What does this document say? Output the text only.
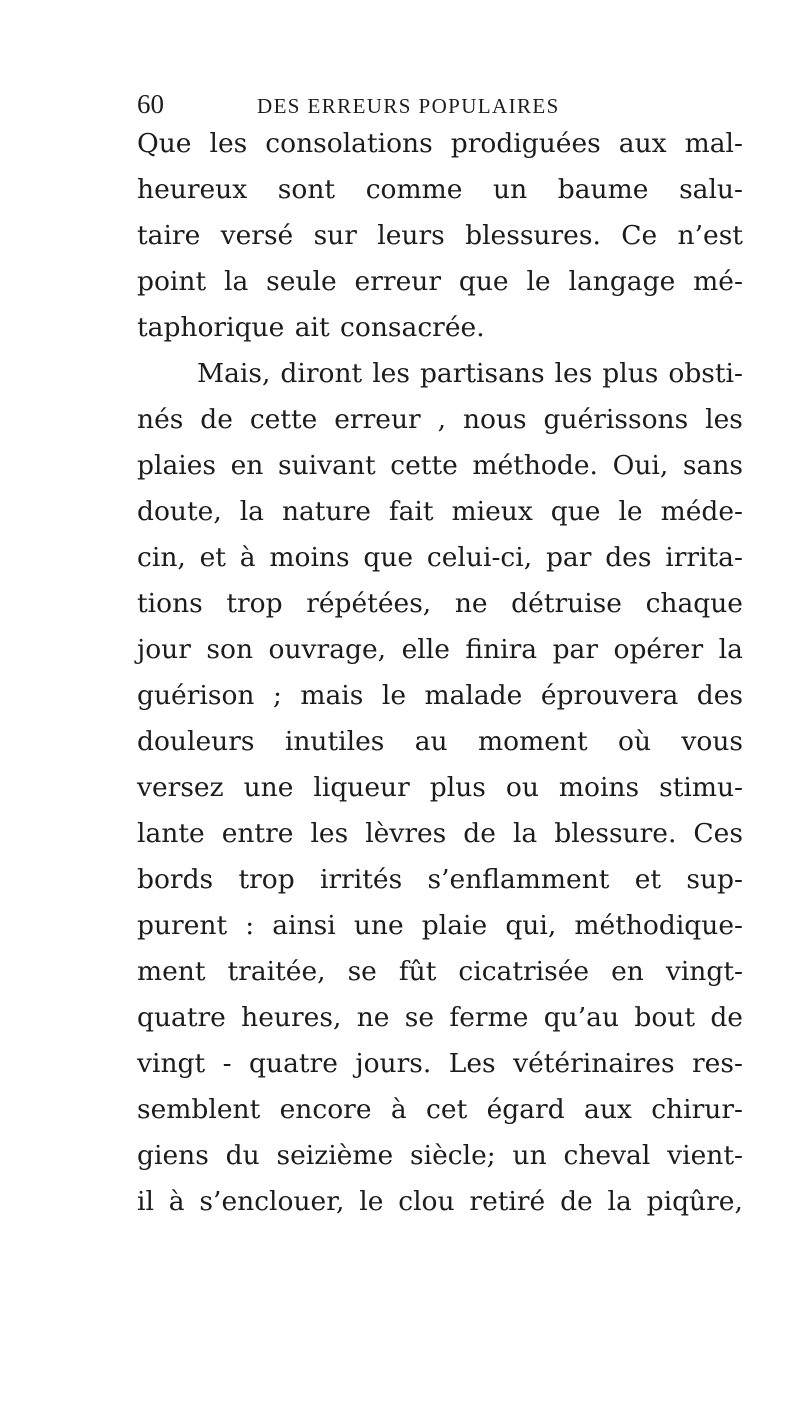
60	DES ERREURS POPULAIRES
Que les consolations prodiguées aux mal-
heureux sont comme un baume salu-
taire versé sur leurs blessures. Ce n’est
point la seule erreur que le langage mé-
taphorique ait consacrée.
Mais, diront les partisans les plus obsti-
nés de cette erreur , nous guérissons les
plaies en suivant cette méthode. Oui, sans
doute, la nature fait mieux que le méde-
cin, et à moins que celui-ci, par des irrita-
tions trop répétées, ne détruise chaque
jour son ouvrage, elle finira par opérer la
guérison ; mais le malade éprouvera des
douleurs inutiles au moment où vous
versez une liqueur plus ou moins stimu-
lante entre les lèvres de la blessure. Ces
bords trop irrités s’enflamment et sup-
purent : ainsi une plaie qui, méthodique-
ment traitée, se fût cicatrisée en vingt-
quatre heures, ne se ferme qu’au bout de
vingt - quatre jours. Les vétérinaires res-
semblent encore à cet égard aux chirur-
giens du seizième siècle; un cheval vient-
il à s’enclouer, le clou retiré de la piqûre,
